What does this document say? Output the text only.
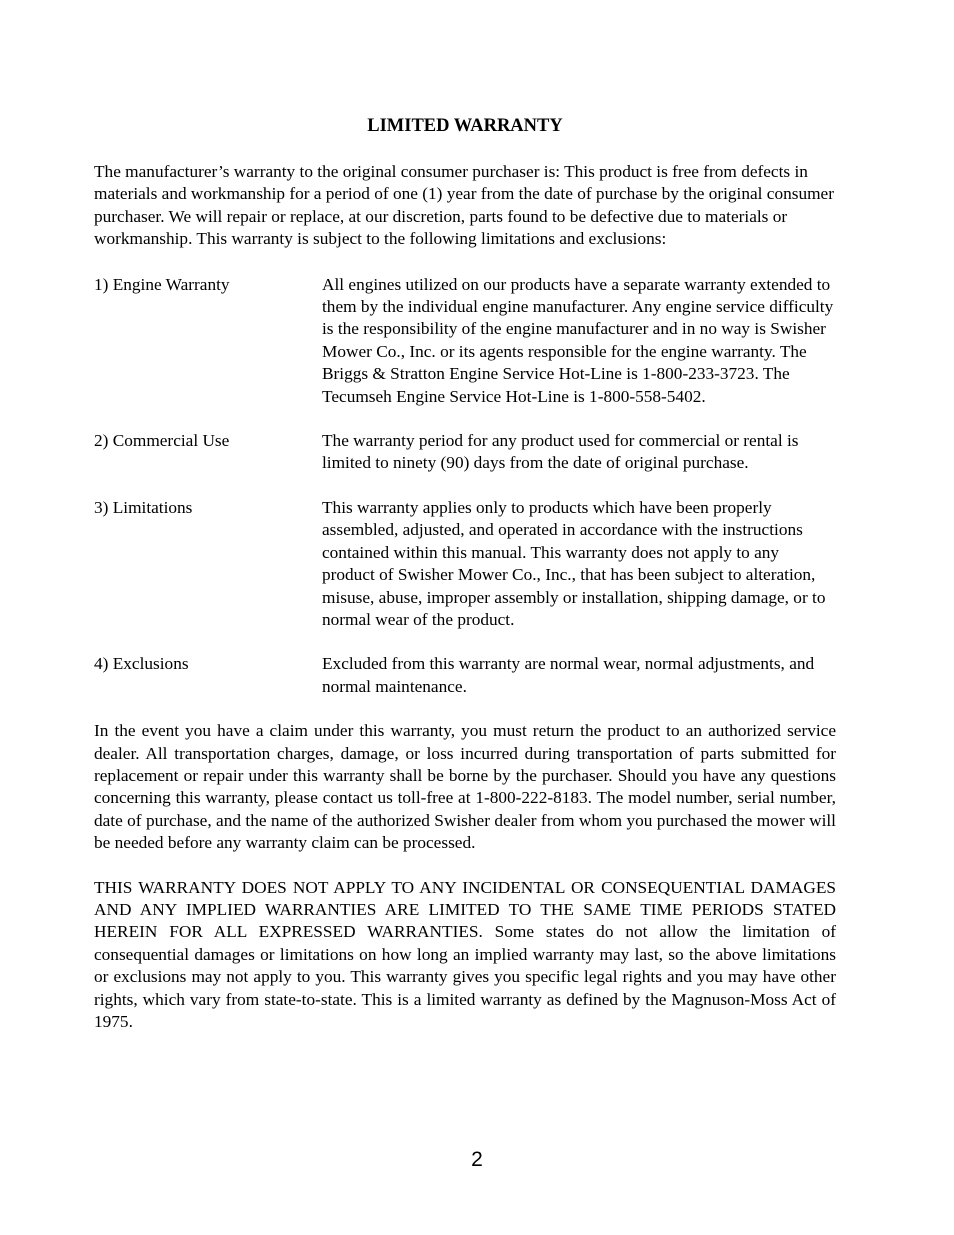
LIMITED WARRANTY
The manufacturer’s warranty to the original consumer purchaser is: This product is free from defects in materials and workmanship for a period of one (1) year from the date of purchase by the original consumer purchaser. We will repair or replace, at our discretion, parts found to be defective due to materials or workmanship. This warranty is subject to the following limitations and exclusions:
1) Engine Warranty	All engines utilized on our products have a separate warranty extended to them by the individual engine manufacturer. Any engine service difficulty is the responsibility of the engine manufacturer and in no way is Swisher Mower Co., Inc. or its agents responsible for the engine warranty. The Briggs & Stratton Engine Service Hot-Line is 1-800-233-3723. The Tecumseh Engine Service Hot-Line is 1-800-558-5402.
2) Commercial Use	The warranty period for any product used for commercial or rental is limited to ninety (90) days from the date of original purchase.
3) Limitations	This warranty applies only to products which have been properly assembled, adjusted, and operated in accordance with the instructions contained within this manual. This warranty does not apply to any product of Swisher Mower Co., Inc., that has been subject to alteration, misuse, abuse, improper assembly or installation, shipping damage, or to normal wear of the product.
4) Exclusions	Excluded from this warranty are normal wear, normal adjustments, and normal maintenance.
In the event you have a claim under this warranty, you must return the product to an authorized service dealer. All transportation charges, damage, or loss incurred during transportation of parts submitted for replacement or repair under this warranty shall be borne by the purchaser. Should you have any questions concerning this warranty, please contact us toll-free at 1-800-222-8183. The model number, serial number, date of purchase, and the name of the authorized Swisher dealer from whom you purchased the mower will be needed before any warranty claim can be processed.
THIS WARRANTY DOES NOT APPLY TO ANY INCIDENTAL OR CONSEQUENTIAL DAMAGES AND ANY IMPLIED WARRANTIES ARE LIMITED TO THE SAME TIME PERIODS STATED HEREIN FOR ALL EXPRESSED WARRANTIES. Some states do not allow the limitation of consequential damages or limitations on how long an implied warranty may last, so the above limitations or exclusions may not apply to you. This warranty gives you specific legal rights and you may have other rights, which vary from state-to-state. This is a limited warranty as defined by the Magnuson-Moss Act of 1975.
2
